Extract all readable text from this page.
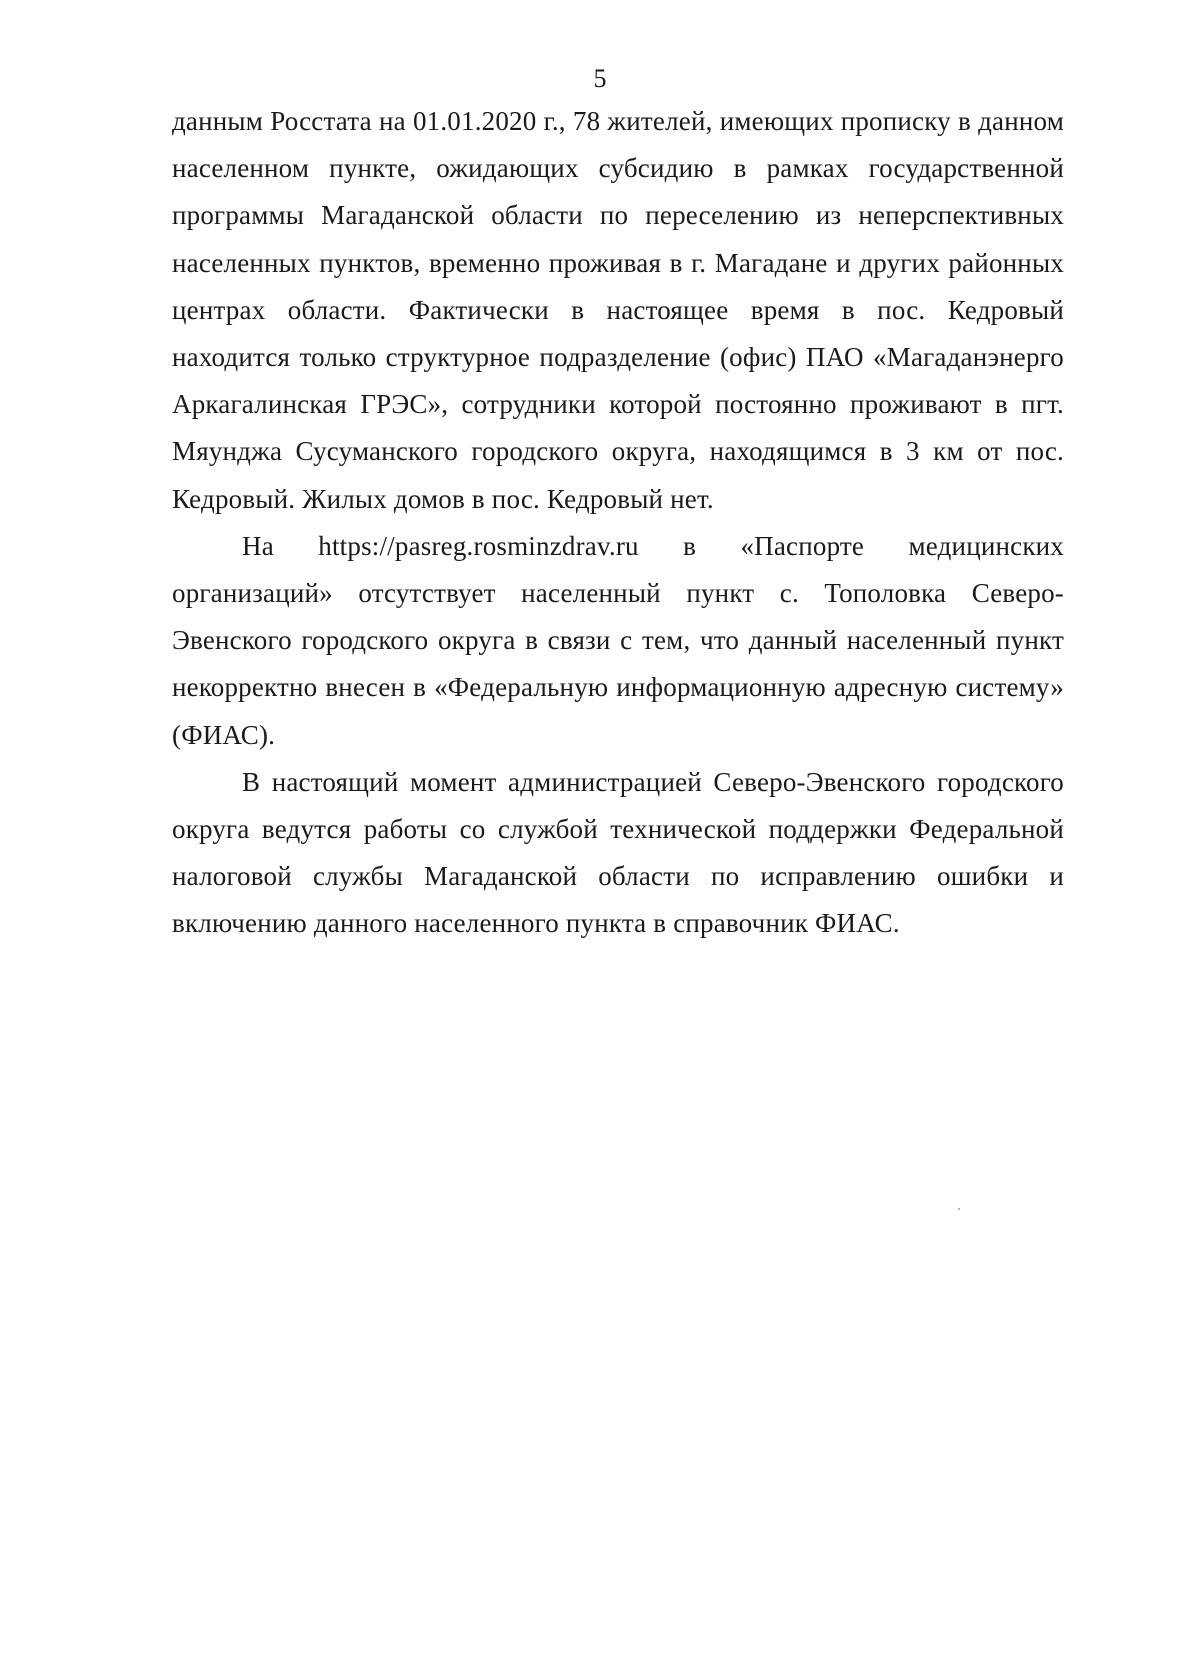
5

данным Росстата на 01.01.2020 г., 78 жителей, имеющих прописку в данном населенном пункте, ожидающих субсидию в рамках государственной программы Магаданской области по переселению из неперспективных населенных пунктов, временно проживая в г. Магадане и других районных центрах области. Фактически в настоящее время в пос. Кедровый находится только структурное подразделение (офис) ПАО «Магаданэнерго Аркагалинская ГРЭС», сотрудники которой постоянно проживают в пгт. Мяунджа Сусуманского городского округа, находящимся в 3 км от пос. Кедровый. Жилых домов в пос. Кедровый нет.

На https://pasreg.rosminzdrav.ru в «Паспорте медицинских организаций» отсутствует населенный пункт с. Тополовка Северо-Эвенского городского округа в связи с тем, что данный населенный пункт некорректно внесен в «Федеральную информационную адресную систему» (ФИАС).

В настоящий момент администрацией Северо-Эвенского городского округа ведутся работы со службой технической поддержки Федеральной налоговой службы Магаданской области по исправлению ошибки и включению данного населенного пункта в справочник ФИАС.
